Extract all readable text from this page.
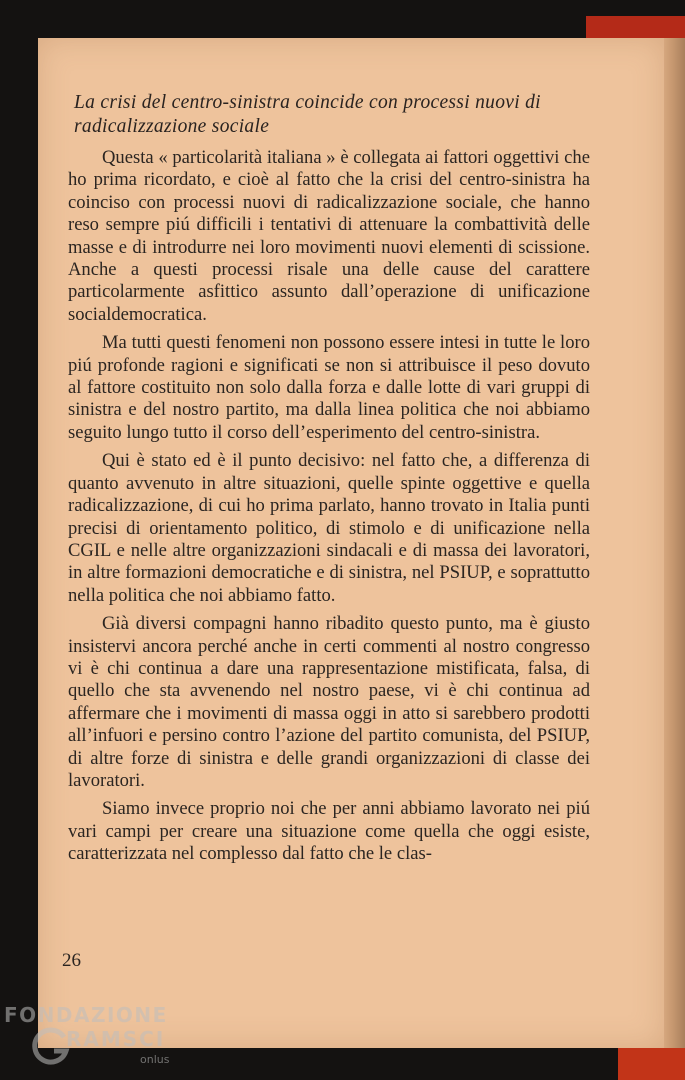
La crisi del centro-sinistra coincide con processi nuovi di radicalizzazione sociale

Questa « particolarità italiana » è collegata ai fattori oggettivi che ho prima ricordato, e cioè al fatto che la crisi del centro-sinistra ha coinciso con processi nuovi di radicalizzazione sociale, che hanno reso sempre piú difficili i tentativi di attenuare la combattività delle masse e di introdurre nei loro movimenti nuovi elementi di scissione. Anche a questi processi risale una delle cause del carattere particolarmente asfittico assunto dall’operazione di unificazione socialdemocratica.

Ma tutti questi fenomeni non possono essere intesi in tutte le loro piú profonde ragioni e significati se non si attribuisce il peso dovuto al fattore costituito non solo dalla forza e dalle lotte di vari gruppi di sinistra e del nostro partito, ma dalla linea politica che noi abbiamo seguito lungo tutto il corso dell’esperimento del centro-sinistra.

Qui è stato ed è il punto decisivo: nel fatto che, a differenza di quanto avvenuto in altre situazioni, quelle spinte oggettive e quella radicalizzazione, di cui ho prima parlato, hanno trovato in Italia punti precisi di orientamento politico, di stimolo e di unificazione nella CGIL e nelle altre organizzazioni sindacali e di massa dei lavoratori, in altre formazioni democratiche e di sinistra, nel PSIUP, e soprattutto nella politica che noi abbiamo fatto.

Già diversi compagni hanno ribadito questo punto, ma è giusto insistervi ancora perché anche in certi commenti al nostro congresso vi è chi continua a dare una rappresentazione mistificata, falsa, di quello che sta avvenendo nel nostro paese, vi è chi continua ad affermare che i movimenti di massa oggi in atto si sarebbero prodotti all’infuori e persino contro l’azione del partito comunista, del PSIUP, di altre forze di sinistra e delle grandi organizzazioni di classe dei lavoratori.

Siamo invece proprio noi che per anni abbiamo lavorato nei piú vari campi per creare una situazione come quella che oggi esiste, caratterizzata nel complesso dal fatto che le clas-

26
FONDAZIONE
RAMSCI
onlus
